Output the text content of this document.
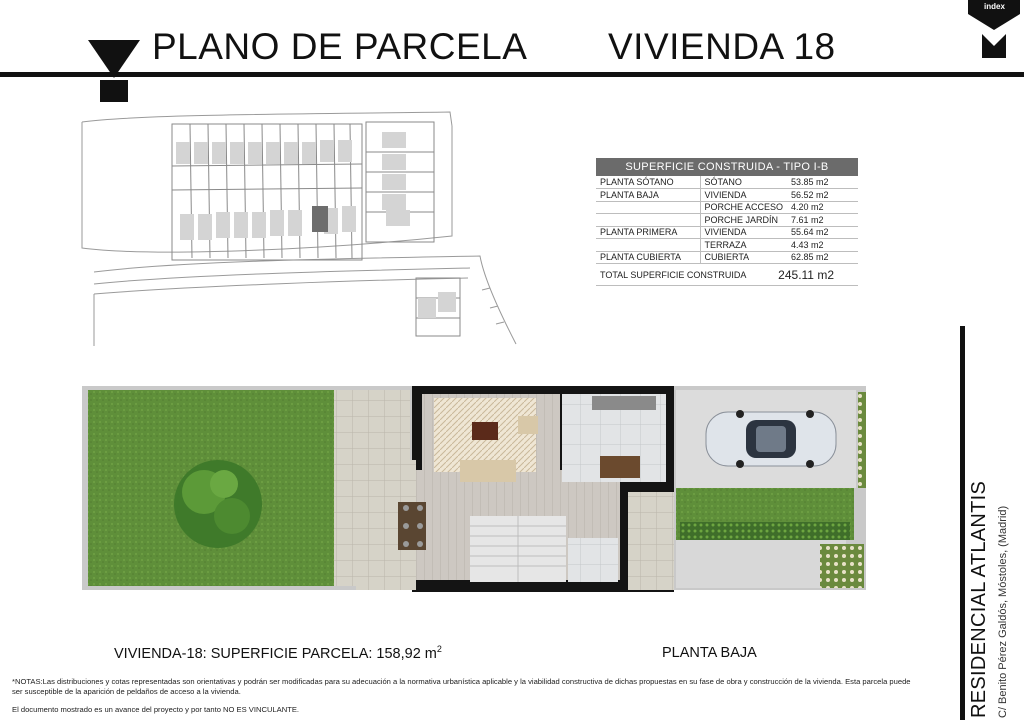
index
PLANO DE PARCELA VIVIENDA 18
SUPERFICIE CONSTRUIDA - TIPO I-B
PLANTA SÓTANO	SÓTANO	53.85 m2
PLANTA BAJA	VIVIENDA	56.52 m2
	PORCHE ACCESO	4.20 m2
	PORCHE JARDÍN	7.61 m2
PLANTA PRIMERA	VIVIENDA	55.64 m2
	TERRAZA	4.43 m2
PLANTA CUBIERTA	CUBIERTA	62.85 m2
TOTAL SUPERFICIE CONSTRUIDA	245.11 m2
VIVIENDA-18: SUPERFICIE PARCELA: 158,92 $m^2$	PLANTA BAJA
*NOTAS:Las distribuciones y cotas representadas son orientativas y podrán ser modificadas para su adecuación a la normativa urbanística aplicable y la viabilidad constructiva de dichas propuestas en su fase de obra y construcción de la vivienda. Esta parcela puede ser susceptible de la aparición de peldaños de acceso a la vivienda.
El documento mostrado es un avance del proyecto y por tanto NO ES VINCULANTE.	RESIDENCIAL ATLANTIS C/ Benito Pérez Galdós, Móstoles, (Madrid)
